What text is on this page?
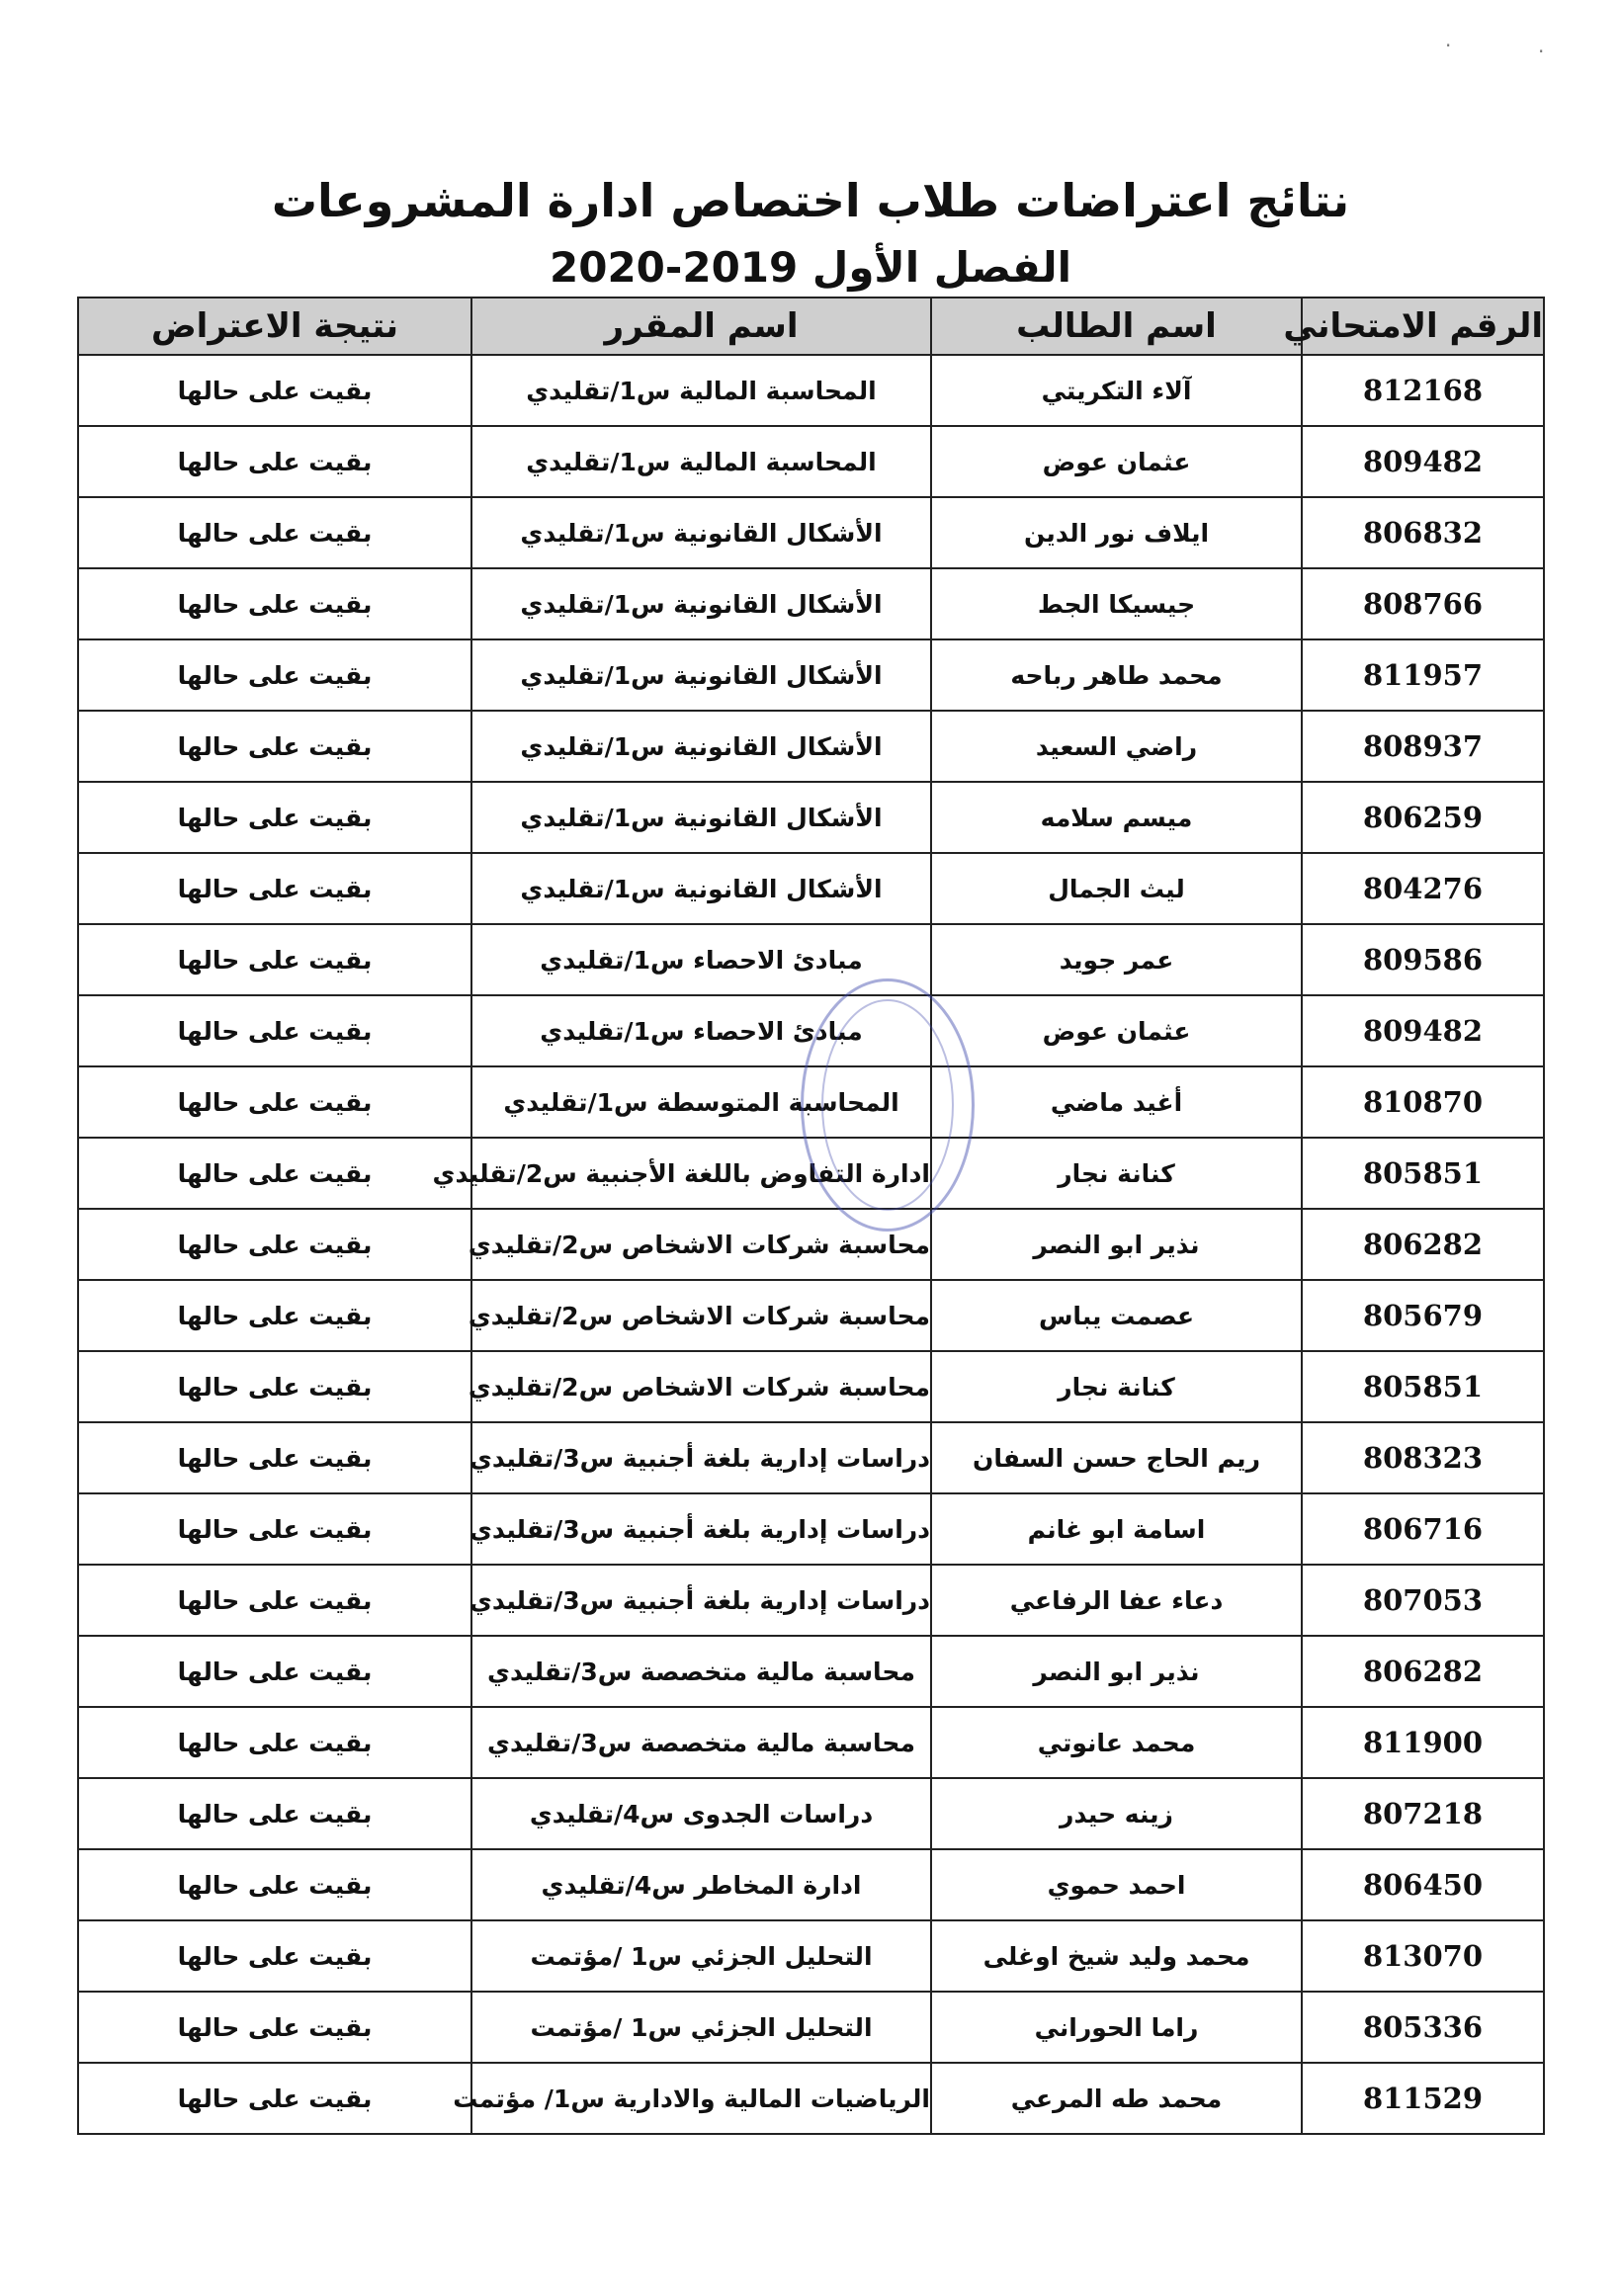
·	·
نتائج اعتراضات طلاب اختصاص ادارة المشروعات
الفصل الأول 2019-2020
الرقم الامتحاني	اسم الطالب	اسم المقرر	نتيجة الاعتراض
812168	آلاء التكريتي	المحاسبة المالية س1/تقليدي	بقيت على حالها
809482	عثمان عوض	المحاسبة المالية س1/تقليدي	بقيت على حالها
806832	ايلاف نور الدين	الأشكال القانونية س1/تقليدي	بقيت على حالها
808766	جيسيكا الجط	الأشكال القانونية س1/تقليدي	بقيت على حالها
811957	محمد طاهر رباحه	الأشكال القانونية س1/تقليدي	بقيت على حالها
808937	راضي السعيد	الأشكال القانونية س1/تقليدي	بقيت على حالها
806259	ميسم سلامه	الأشكال القانونية س1/تقليدي	بقيت على حالها
804276	ليث الجمال	الأشكال القانونية س1/تقليدي	بقيت على حالها
809586	عمر جويد	مبادئ الاحصاء س1/تقليدي	بقيت على حالها
809482	عثمان عوض	مبادئ الاحصاء س1/تقليدي	بقيت على حالها
810870	أغيد ماضي	المحاسبة المتوسطة س1/تقليدي	بقيت على حالها
805851	كنانة نجار	ادارة التفاوض باللغة الأجنبية س2/تقليدي	بقيت على حالها
806282	نذير ابو النصر	محاسبة شركات الاشخاص س2/تقليدي	بقيت على حالها
805679	عصمت يباس	محاسبة شركات الاشخاص س2/تقليدي	بقيت على حالها
805851	كنانة نجار	محاسبة شركات الاشخاص س2/تقليدي	بقيت على حالها
808323	ريم الحاج حسن السفان	دراسات إدارية بلغة أجنبية س3/تقليدي	بقيت على حالها
806716	اسامة ابو غانم	دراسات إدارية بلغة أجنبية س3/تقليدي	بقيت على حالها
807053	دعاء عفا الرفاعي	دراسات إدارية بلغة أجنبية س3/تقليدي	بقيت على حالها
806282	نذير ابو النصر	محاسبة مالية متخصصة س3/تقليدي	بقيت على حالها
811900	محمد عانوتي	محاسبة مالية متخصصة س3/تقليدي	بقيت على حالها
807218	زينه حيدر	دراسات الجدوى س4/تقليدي	بقيت على حالها
806450	احمد حموي	ادارة المخاطر س4/تقليدي	بقيت على حالها
813070	محمد وليد شيخ اوغلى	التحليل الجزئي س1 /مؤتمت	بقيت على حالها
805336	راما الحوراني	التحليل الجزئي س1 /مؤتمت	بقيت على حالها
811529	محمد طه المرعي	الرياضيات المالية والادارية س1/ مؤتمت	بقيت على حالها
